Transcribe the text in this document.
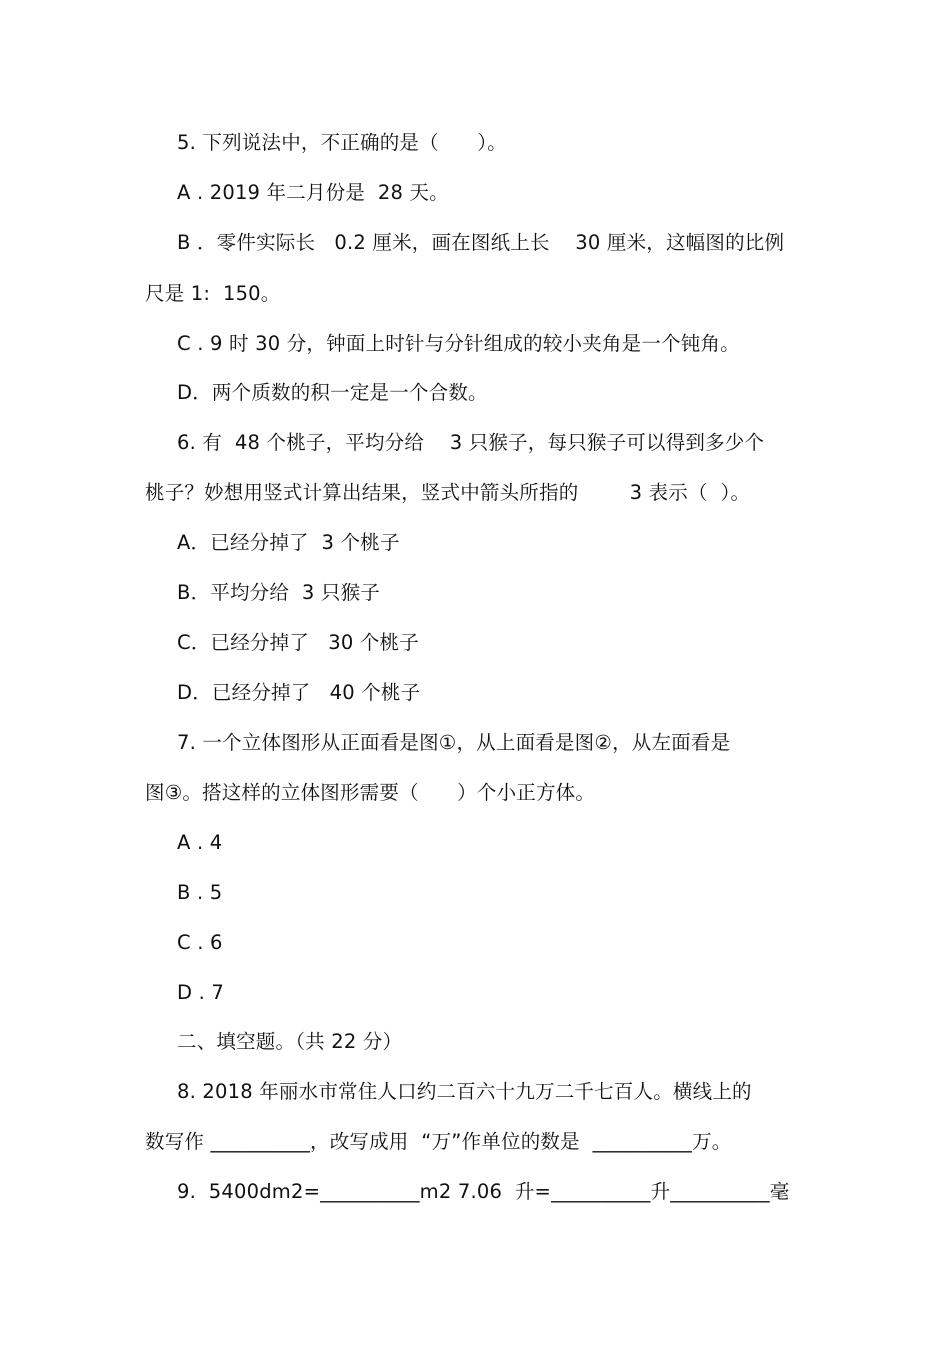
5. 下列说法中，不正确的是（      ）。
A . 2019 年二月份是  28 天。
B ．零件实际长   0.2 厘米，画在图纸上长    30 厘米，这幅图的比例
尺是 1:  150。
C . 9 时 30 分，钟面上时针与分针组成的较小夹角是一个钝角。
D．两个质数的积一定是一个合数。
6. 有  48 个桃子，平均分给    3 只猴子，每只猴子可以得到多少个
桃子？妙想用竖式计算出结果，竖式中箭头所指的        3 表示（  ）。
A．已经分掉了  3 个桃子
B．平均分给  3 只猴子
C．已经分掉了   30 个桃子
D．已经分掉了   40 个桃子
7. 一个立体图形从正面看是图①，从上面看是图②，从左面看是
图③。搭这样的立体图形需要（      ）个小正方体。
A . 4
B . 5
C . 6
D . 7
二、填空题。（共 22 分）
8. 2018 年丽水市常住人口约二百六十九万二千七百人。横线上的
数写作 __________，改写成用  “万”作单位的数是  __________万。
9.  5400dm2=__________m2 7.06  升=__________升__________毫
